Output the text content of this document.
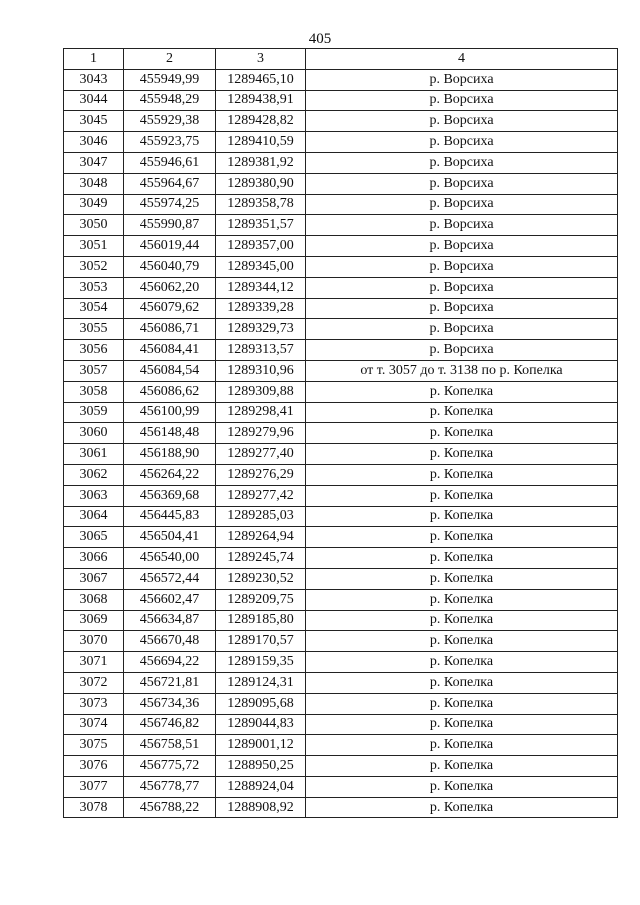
405
1	2	3	4
3043	455949,99	1289465,10	р. Ворсиха
3044	455948,29	1289438,91	р. Ворсиха
3045	455929,38	1289428,82	р. Ворсиха
3046	455923,75	1289410,59	р. Ворсиха
3047	455946,61	1289381,92	р. Ворсиха
3048	455964,67	1289380,90	р. Ворсиха
3049	455974,25	1289358,78	р. Ворсиха
3050	455990,87	1289351,57	р. Ворсиха
3051	456019,44	1289357,00	р. Ворсиха
3052	456040,79	1289345,00	р. Ворсиха
3053	456062,20	1289344,12	р. Ворсиха
3054	456079,62	1289339,28	р. Ворсиха
3055	456086,71	1289329,73	р. Ворсиха
3056	456084,41	1289313,57	р. Ворсиха
3057	456084,54	1289310,96	от т. 3057 до т. 3138 по р. Копелка
3058	456086,62	1289309,88	р. Копелка
3059	456100,99	1289298,41	р. Копелка
3060	456148,48	1289279,96	р. Копелка
3061	456188,90	1289277,40	р. Копелка
3062	456264,22	1289276,29	р. Копелка
3063	456369,68	1289277,42	р. Копелка
3064	456445,83	1289285,03	р. Копелка
3065	456504,41	1289264,94	р. Копелка
3066	456540,00	1289245,74	р. Копелка
3067	456572,44	1289230,52	р. Копелка
3068	456602,47	1289209,75	р. Копелка
3069	456634,87	1289185,80	р. Копелка
3070	456670,48	1289170,57	р. Копелка
3071	456694,22	1289159,35	р. Копелка
3072	456721,81	1289124,31	р. Копелка
3073	456734,36	1289095,68	р. Копелка
3074	456746,82	1289044,83	р. Копелка
3075	456758,51	1289001,12	р. Копелка
3076	456775,72	1288950,25	р. Копелка
3077	456778,77	1288924,04	р. Копелка
3078	456788,22	1288908,92	р. Копелка
